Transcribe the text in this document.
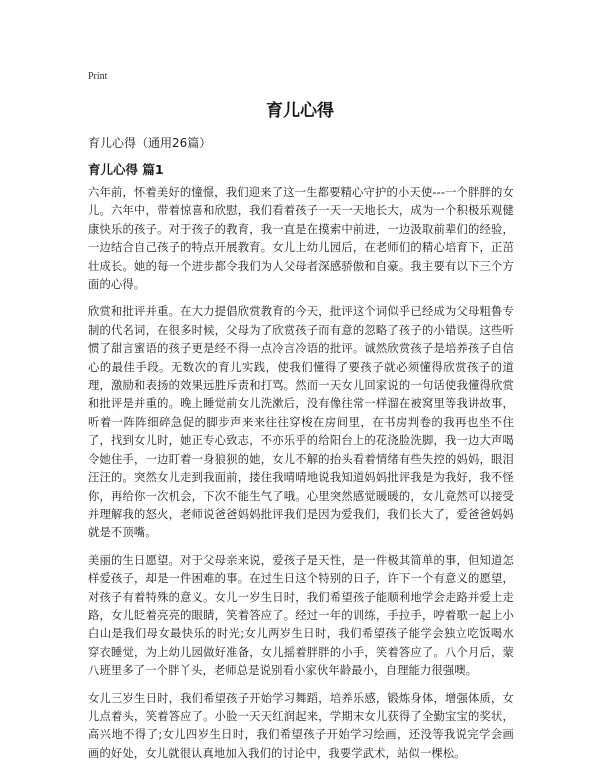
Print
育儿心得
育儿心得（通用26篇）
育儿心得 篇1

六年前，怀着美好的憧憬，我们迎来了这一生都要精心守护的小天使---一个胖胖的女儿。六年中，带着惊喜和欣慰，我们看着孩子一天一天地长大，成为一个积极乐观健康快乐的孩子。对于孩子的教育，我一直是在摸索中前进，一边汲取前辈们的经验，一边结合自己孩子的特点开展教育。女儿上幼儿园后，在老师们的精心培育下，正茁壮成长。她的每一个进步都令我们为人父母者深感骄傲和自豪。我主要有以下三个方面的心得。

欣赏和批评并重。在大力提倡欣赏教育的今天，批评这个词似乎已经成为父母粗鲁专制的代名词，在很多时候，父母为了欣赏孩子而有意的忽略了孩子的小错误。这些听惯了甜言蜜语的孩子更是经不得一点冷言冷语的批评。诚然欣赏孩子是培养孩子自信心的最佳手段。无数次的育儿实践，使我们懂得了要孩子就必须懂得欣赏孩子的道理，激励和表扬的效果远胜斥责和打骂。然而一天女儿回家说的一句话使我懂得欣赏和批评是并重的。晚上睡觉前女儿洗漱后，没有像往常一样溜在被窝里等我讲故事，听着一阵阵细碎急促的脚步声来来往往穿梭在房间里，在书房判卷的我再也坐不住了，找到女儿时，她正专心致志，不亦乐乎的给阳台上的花浇脸洗脚，我一边大声喝令她住手，一边盯着一身狼狈的她，女儿不解的抬头看着情绪有些失控的妈妈，眼泪汪汪的。突然女儿走到我面前，搂住我晴晴地说我知道妈妈批评我是为我好，我不怪你，再给你一次机会，下次不能生气了哦。心里突然感觉暖暖的，女儿竟然可以接受并理解我的怒火，老师说爸爸妈妈批评我们是因为爱我们，我们长大了，爱爸爸妈妈就是不顶嘴。

美丽的生日愿望。对于父母亲来说，爱孩子是天性，是一件极其简单的事，但知道怎样爱孩子，却是一件困难的事。在过生日这个特别的日子，许下一个有意义的愿望，对孩子有着特殊的意义。女儿一岁生日时，我们希望孩子能顺利地学会走路并爱上走路，女儿眨着亮亮的眼睛，笑着答应了。经过一年的训练，手拉手，哼着歌一起上小白山是我们母女最快乐的时光;女儿两岁生日时，我们希望孩子能学会独立吃饭喝水穿衣睡觉，为上幼儿园做好准备，女儿摇着胖胖的小手，笑着答应了。八个月后，蒙八班里多了一个胖丫头，老师总是说别看小家伙年龄最小，自理能力很强噢。

女儿三岁生日时，我们希望孩子开始学习舞蹈，培养乐感，锻炼身体，增强体质，女儿点着头，笑着答应了。小脸一天天红润起来，学期末女儿获得了全勤宝宝的奖状，高兴地不得了;女儿四岁生日时，我们希望孩子开始学习绘画，还没等我说完学会画画的好处，女儿就很认真地加入我们的讨论中，我要学武术，站似一棵松。
